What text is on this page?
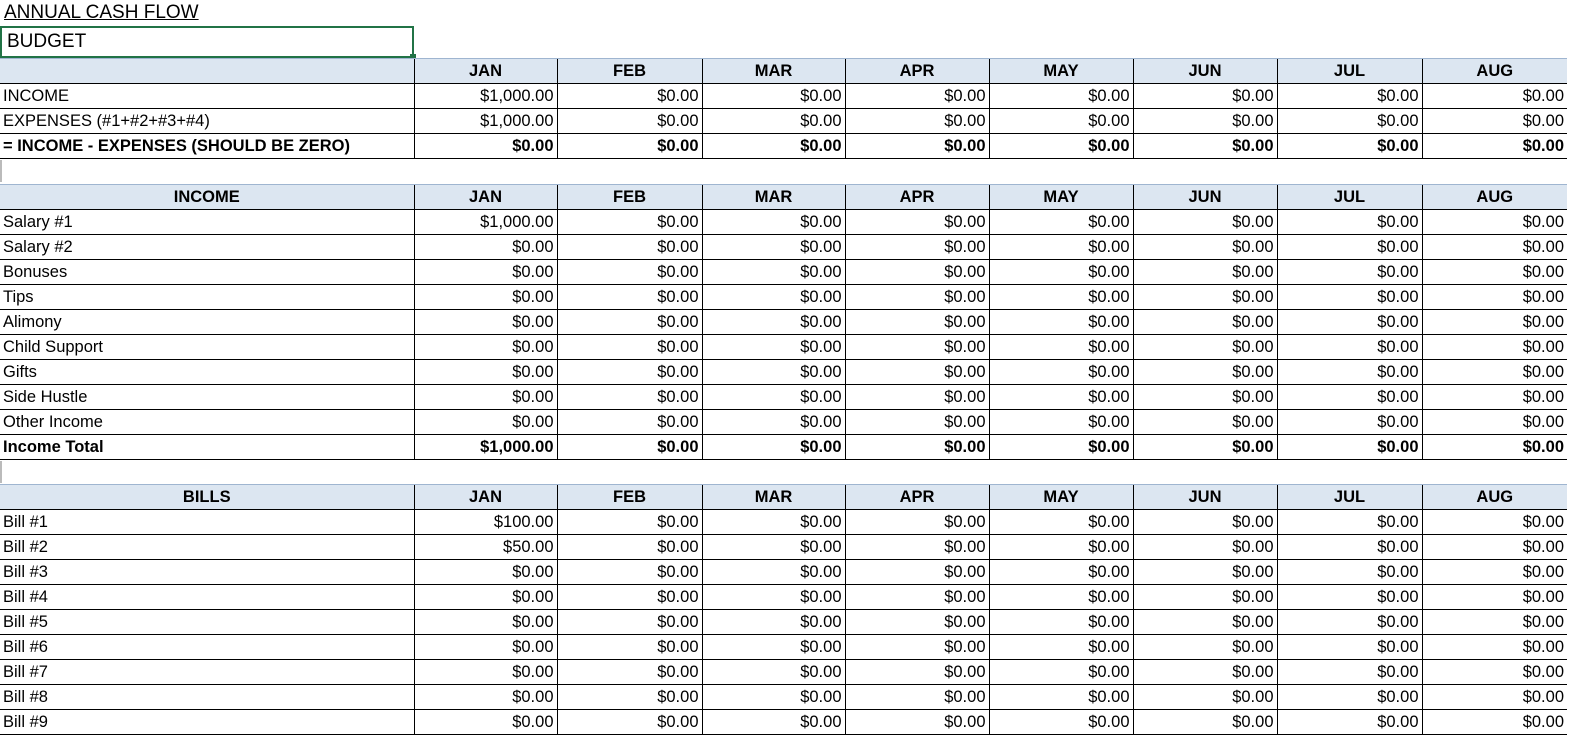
ANNUAL CASH FLOW
BUDGET
	JAN	FEB	MAR	APR	MAY	JUN	JUL	AUG
INCOME	$1,000.00	$0.00	$0.00	$0.00	$0.00	$0.00	$0.00	$0.00
EXPENSES (#1+#2+#3+#4)	$1,000.00	$0.00	$0.00	$0.00	$0.00	$0.00	$0.00	$0.00
= INCOME - EXPENSES (SHOULD BE ZERO)	$0.00	$0.00	$0.00	$0.00	$0.00	$0.00	$0.00	$0.00
INCOME	JAN	FEB	MAR	APR	MAY	JUN	JUL	AUG
Salary #1	$1,000.00	$0.00	$0.00	$0.00	$0.00	$0.00	$0.00	$0.00
Salary #2	$0.00	$0.00	$0.00	$0.00	$0.00	$0.00	$0.00	$0.00
Bonuses	$0.00	$0.00	$0.00	$0.00	$0.00	$0.00	$0.00	$0.00
Tips	$0.00	$0.00	$0.00	$0.00	$0.00	$0.00	$0.00	$0.00
Alimony	$0.00	$0.00	$0.00	$0.00	$0.00	$0.00	$0.00	$0.00
Child Support	$0.00	$0.00	$0.00	$0.00	$0.00	$0.00	$0.00	$0.00
Gifts	$0.00	$0.00	$0.00	$0.00	$0.00	$0.00	$0.00	$0.00
Side Hustle	$0.00	$0.00	$0.00	$0.00	$0.00	$0.00	$0.00	$0.00
Other Income	$0.00	$0.00	$0.00	$0.00	$0.00	$0.00	$0.00	$0.00
Income Total	$1,000.00	$0.00	$0.00	$0.00	$0.00	$0.00	$0.00	$0.00
BILLS	JAN	FEB	MAR	APR	MAY	JUN	JUL	AUG
Bill #1	$100.00	$0.00	$0.00	$0.00	$0.00	$0.00	$0.00	$0.00
Bill #2	$50.00	$0.00	$0.00	$0.00	$0.00	$0.00	$0.00	$0.00
Bill #3	$0.00	$0.00	$0.00	$0.00	$0.00	$0.00	$0.00	$0.00
Bill #4	$0.00	$0.00	$0.00	$0.00	$0.00	$0.00	$0.00	$0.00
Bill #5	$0.00	$0.00	$0.00	$0.00	$0.00	$0.00	$0.00	$0.00
Bill #6	$0.00	$0.00	$0.00	$0.00	$0.00	$0.00	$0.00	$0.00
Bill #7	$0.00	$0.00	$0.00	$0.00	$0.00	$0.00	$0.00	$0.00
Bill #8	$0.00	$0.00	$0.00	$0.00	$0.00	$0.00	$0.00	$0.00
Bill #9	$0.00	$0.00	$0.00	$0.00	$0.00	$0.00	$0.00	$0.00
